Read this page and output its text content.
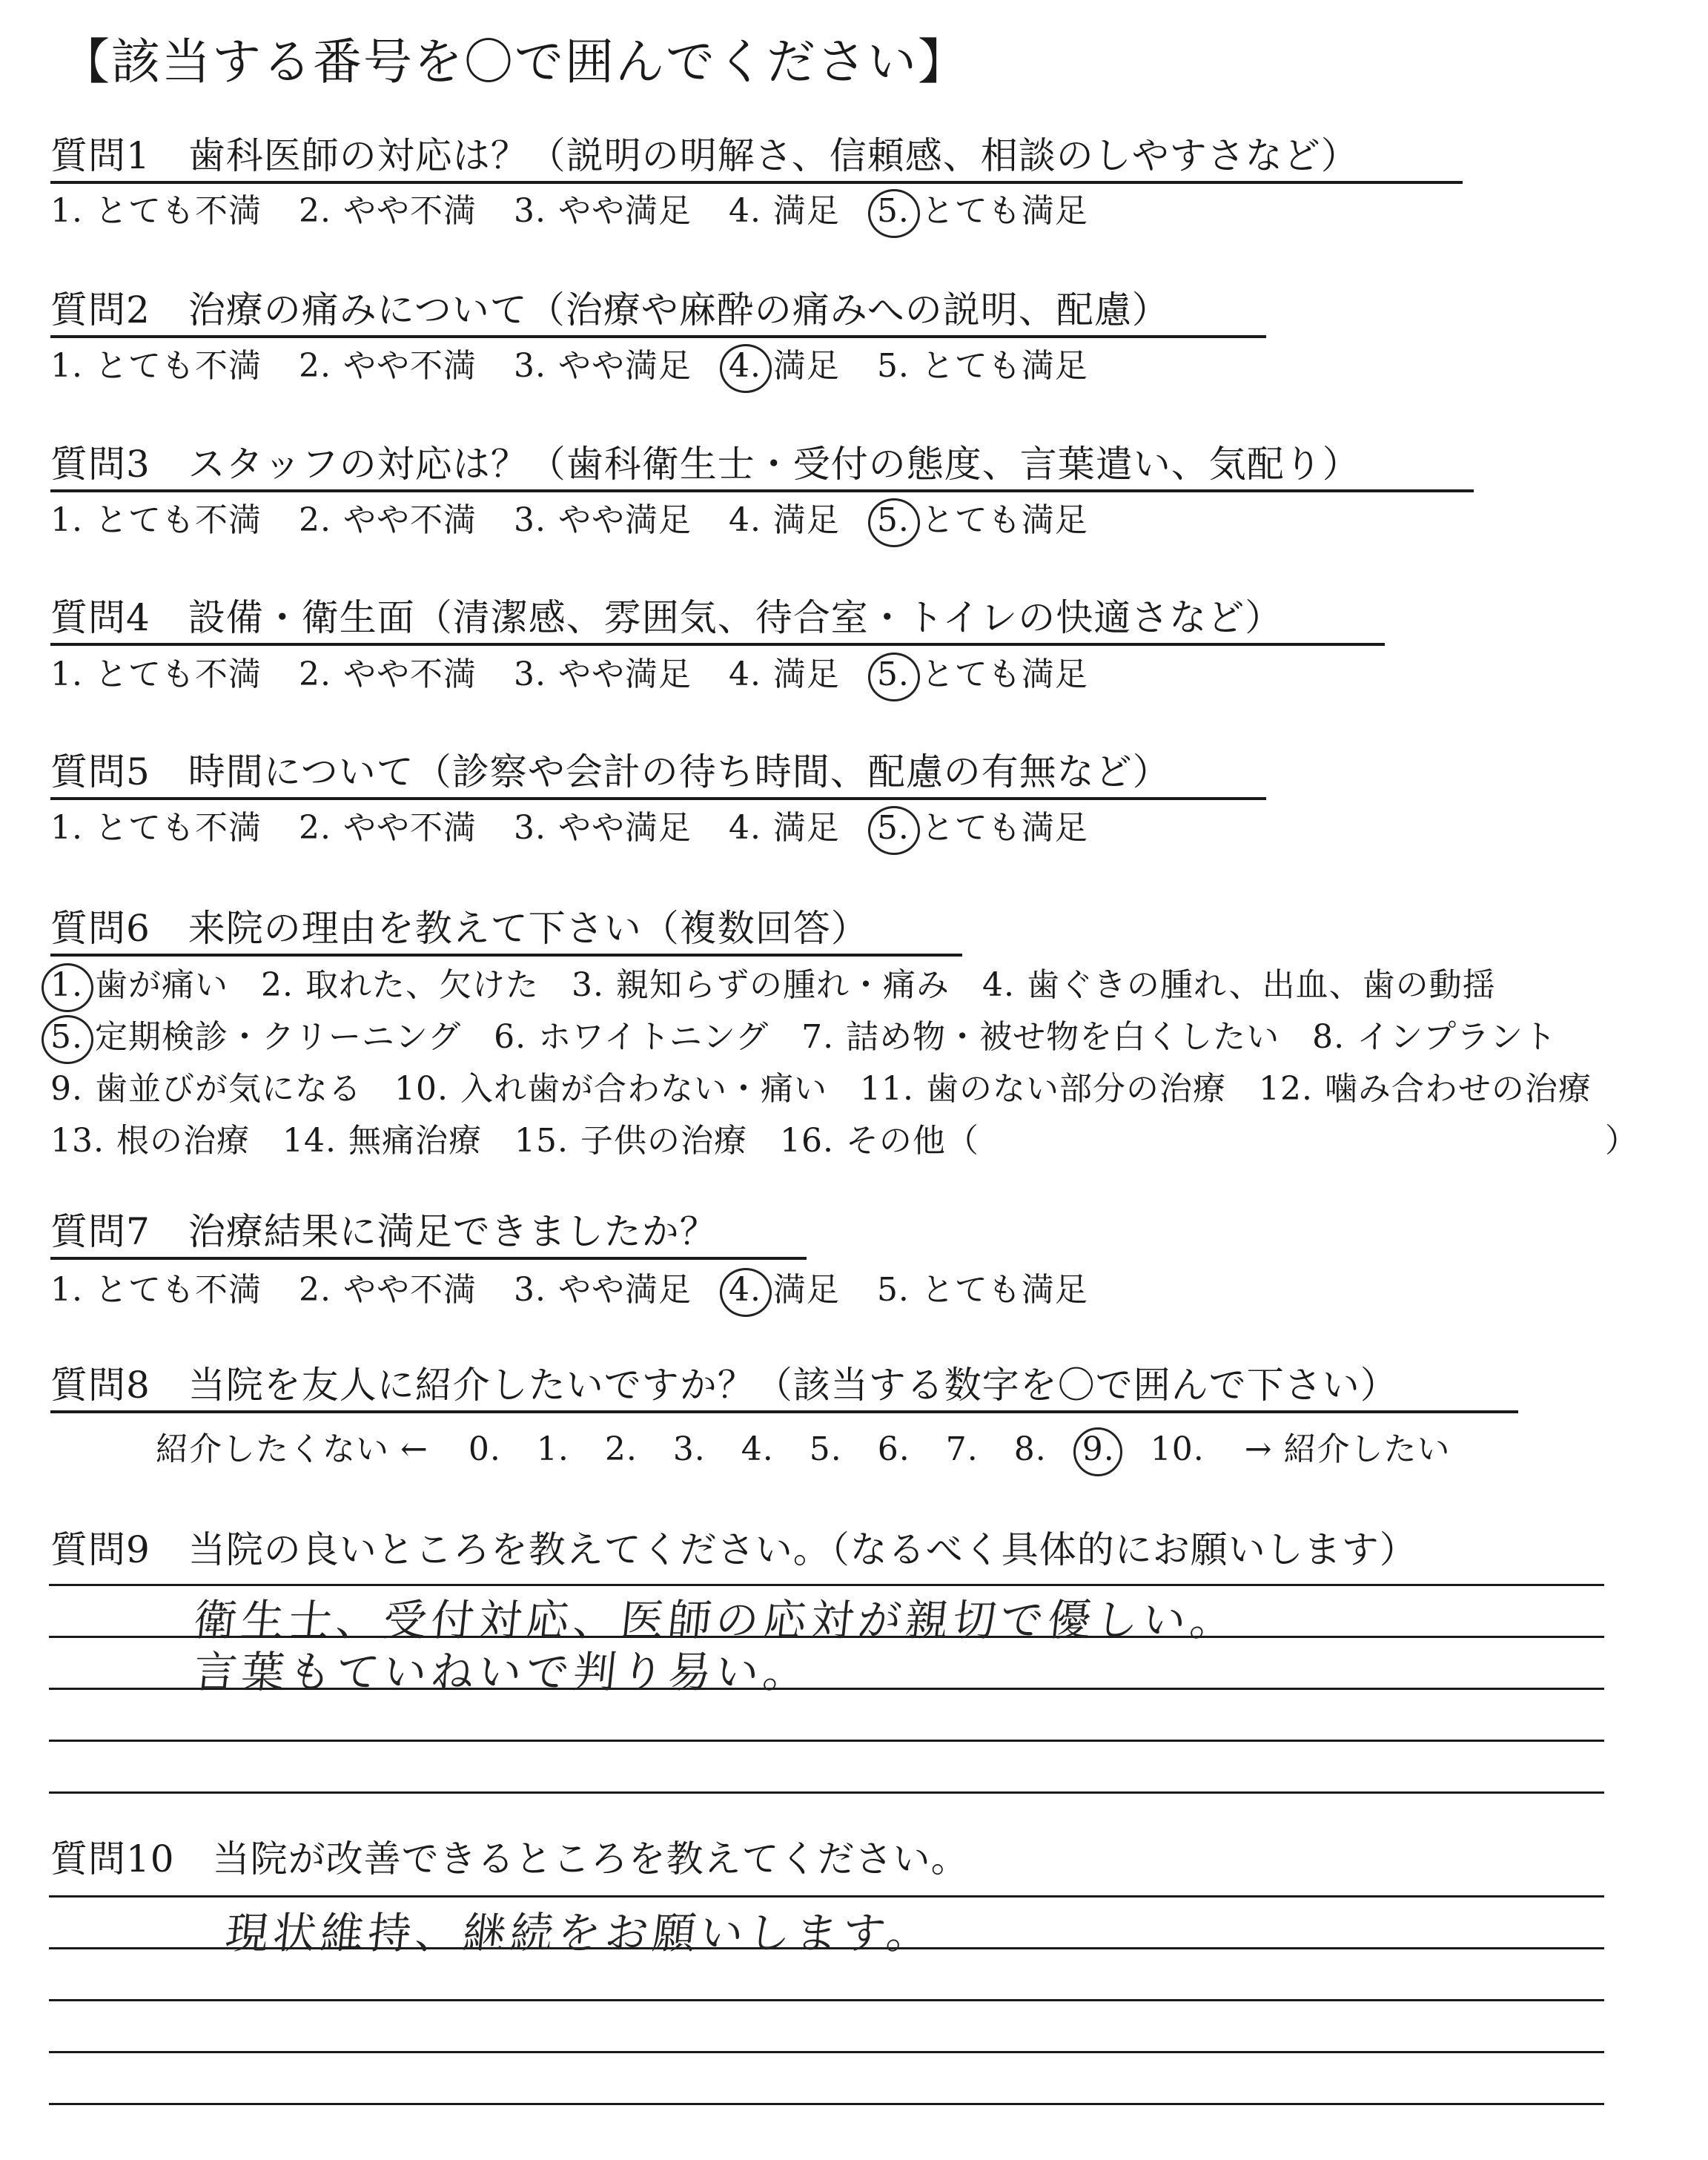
【該当する番号を〇で囲んでください】
質問1　歯科医師の対応は？（説明の明解さ、信頼感、相談のしやすさなど）
1. とても不満 2. やや不満 3. やや満足 4. 満足 5. とても満足
質問2　治療の痛みについて（治療や麻酔の痛みへの説明、配慮）
1. とても不満 2. やや不満 3. やや満足 4. 満足 5. とても満足
質問3　スタッフの対応は？（歯科衛生士・受付の態度、言葉遣い、気配り）
1. とても不満 2. やや不満 3. やや満足 4. 満足 5. とても満足
質問4　設備・衛生面（清潔感、雰囲気、待合室・トイレの快適さなど）
1. とても不満 2. やや不満 3. やや満足 4. 満足 5. とても満足
質問5　時間について（診察や会計の待ち時間、配慮の有無など）
1. とても不満 2. やや不満 3. やや満足 4. 満足 5. とても満足
質問6　来院の理由を教えて下さい（複数回答）
質問7　治療結果に満足できましたか？
1. とても不満 2. やや不満 3. やや満足 4. 満足 5. とても満足
質問8　当院を友人に紹介したいですか？（該当する数字を〇で囲んで下さい）
質問9　当院の良いところを教えてください。（なるべく具体的にお願いします）
質問10　当院が改善できるところを教えてください。
1. 歯が痛い 2. 取れた、欠けた 3. 親知らずの腫れ・痛み 4. 歯ぐきの腫れ、出血、歯の動揺
5. 定期検診・クリーニング 6. ホワイトニング 7. 詰め物・被せ物を白くしたい 8. インプラント
9. 歯並びが気になる 10. 入れ歯が合わない・痛い 11. 歯のない部分の治療 12. 噛み合わせの治療
13. 根の治療 14. 無痛治療 15. 子供の治療 16. その他（	）
紹介したくない ← 0. 1. 2. 3. 4. 5. 6. 7. 8. 9. 10. → 紹介したい
衛生士、受付対応、医師の応対が親切で優しい。
言葉もていねいで判り易い。
現状維持、継続をお願いします。
